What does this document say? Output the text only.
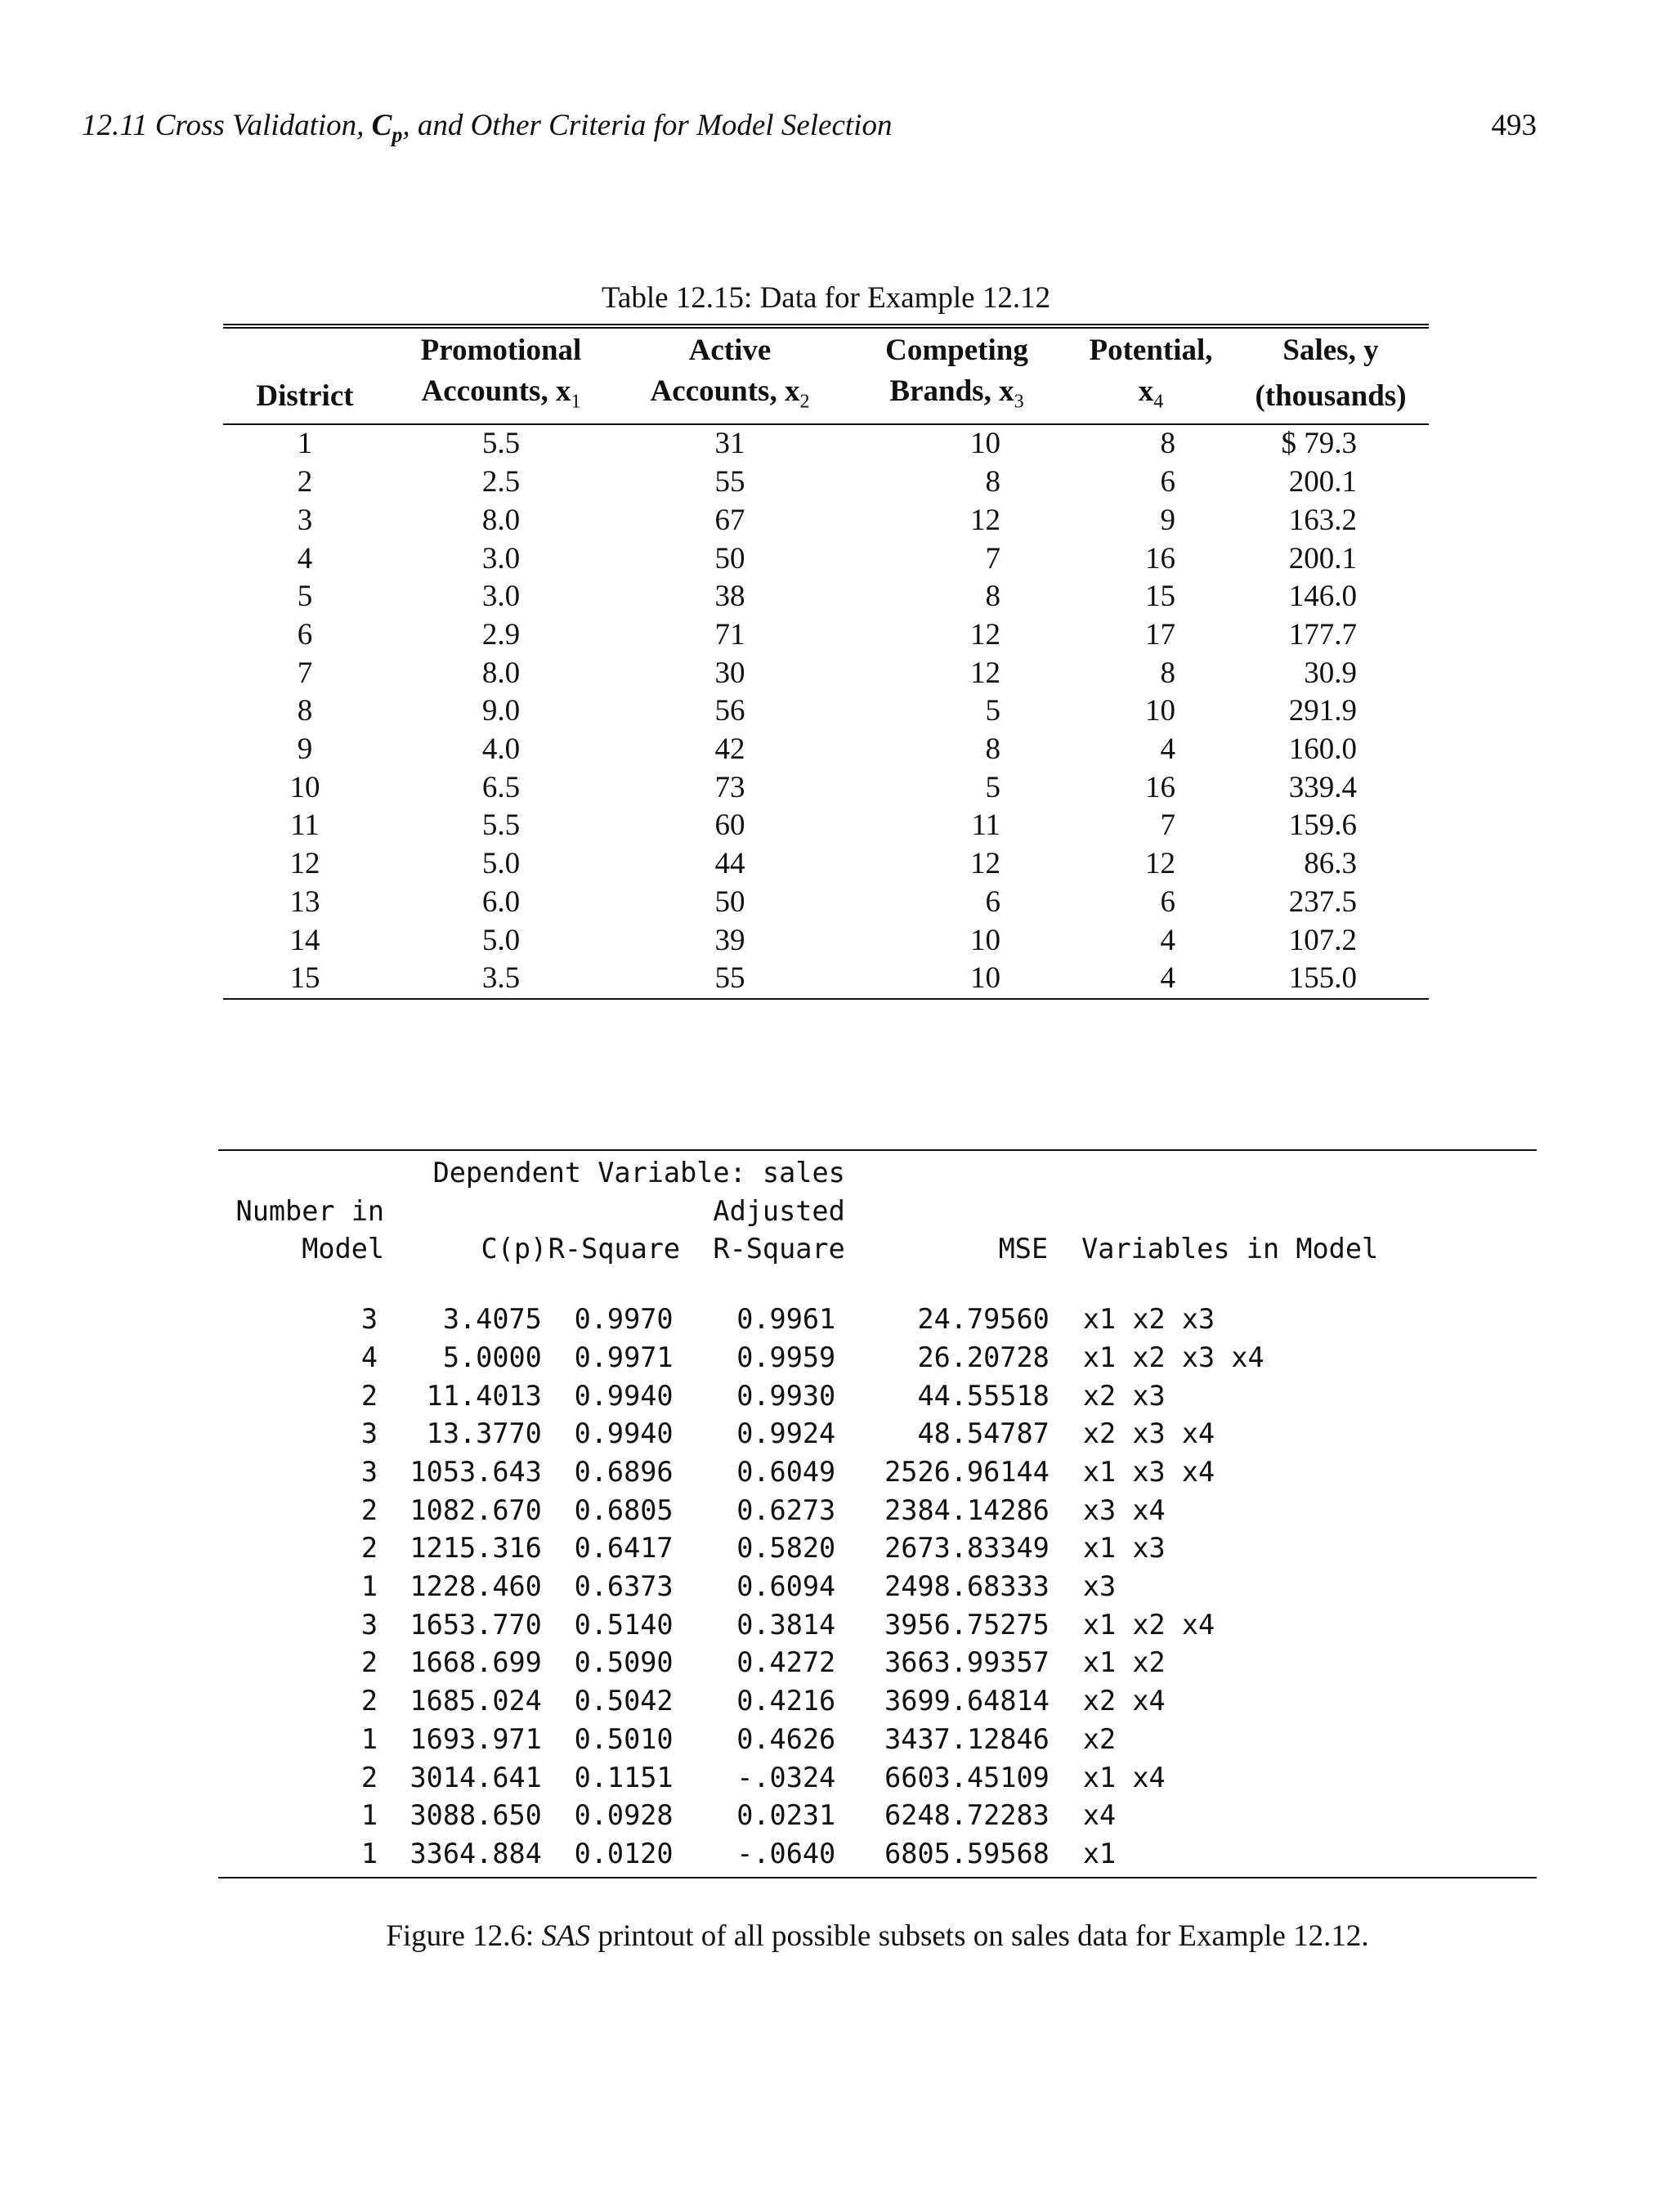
12.11 Cross Validation, $C_p$, and Other Criteria for Model Selection	493
Table 12.15: Data for Example 12.12
	Promotional	Active	Competing	Potential,	Sales, y
District	Accounts, $x_1$	Accounts, $x_2$	Brands, $x_3$	$x_4$	(thousands)
1	5.5	31	10	8	$ 79.3
2	2.5	55	8	6	200.1
3	8.0	67	12	9	163.2
4	3.0	50	7	16	200.1
5	3.0	38	8	15	146.0
6	2.9	71	12	17	177.7
7	8.0	30	12	8	30.9
8	9.0	56	5	10	291.9
9	4.0	42	8	4	160.0
10	6.5	73	5	16	339.4
11	5.5	60	11	7	159.6
12	5.0	44	12	12	86.3
13	6.0	50	6	6	237.5
14	5.0	39	10	4	107.2
15	3.5	55	10	4	155.0
	Dependent Variable: sales				
Number in			Adjusted		
Model	C(p)	R-Square	R-Square	MSE	Variables in Model
3	3.4075	0.9970	0.9961	24.79560	x1 x2 x3
4	5.0000	0.9971	0.9959	26.20728	x1 x2 x3 x4
2	11.4013	0.9940	0.9930	44.55518	x2 x3
3	13.3770	0.9940	0.9924	48.54787	x2 x3 x4
3	1053.643	0.6896	0.6049	2526.96144	x1 x3 x4
2	1082.670	0.6805	0.6273	2384.14286	x3 x4
2	1215.316	0.6417	0.5820	2673.83349	x1 x3
1	1228.460	0.6373	0.6094	2498.68333	x3
3	1653.770	0.5140	0.3814	3956.75275	x1 x2 x4
2	1668.699	0.5090	0.4272	3663.99357	x1 x2
2	1685.024	0.5042	0.4216	3699.64814	x2 x4
1	1693.971	0.5010	0.4626	3437.12846	x2
2	3014.641	0.1151	-.0324	6603.45109	x1 x4
1	3088.650	0.0928	0.0231	6248.72283	x4
1	3364.884	0.0120	-.0640	6805.59568	x1
Figure 12.6: SAS printout of all possible subsets on sales data for Example 12.12.
